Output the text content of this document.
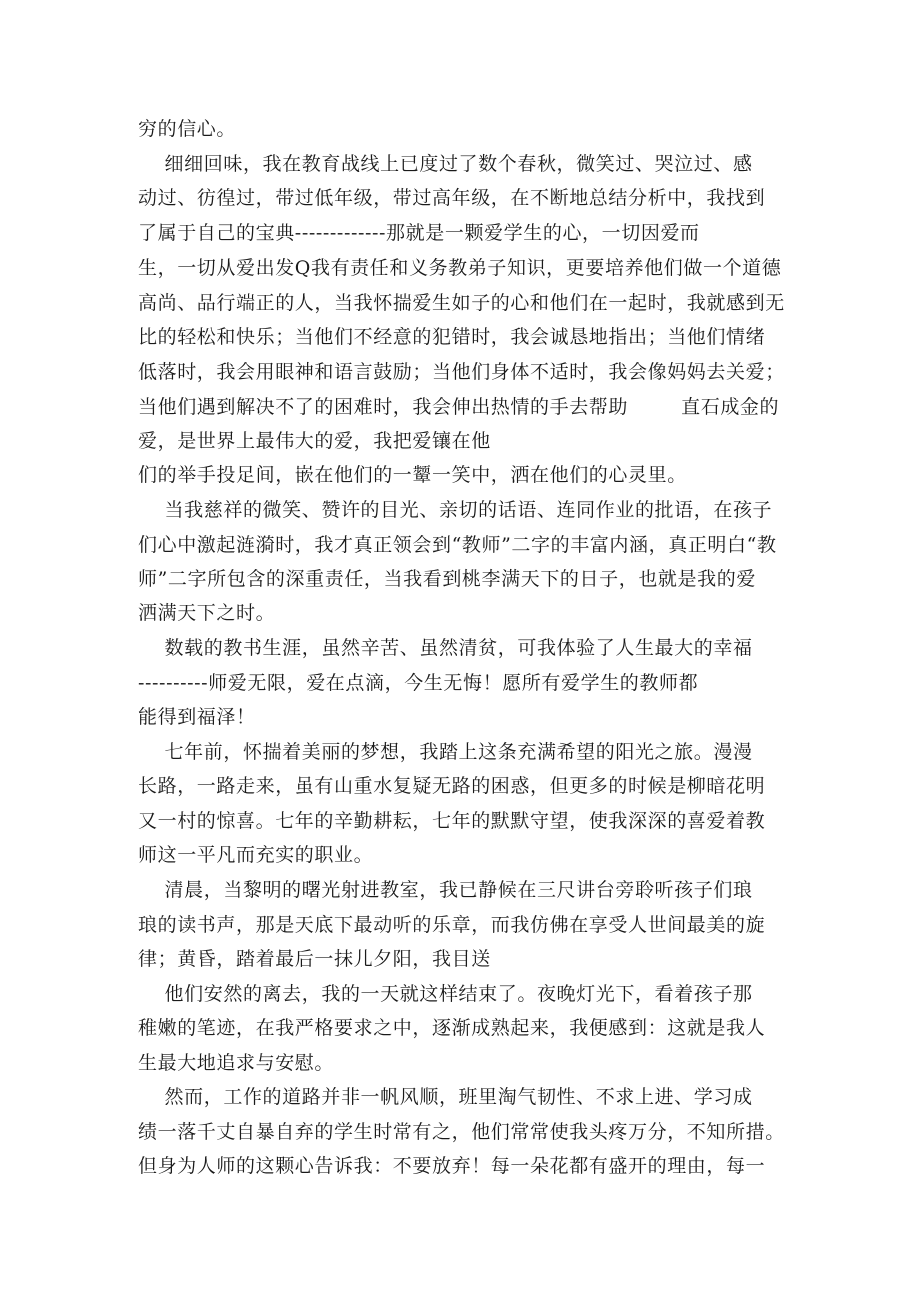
穷的信心。
细细回味，我在教育战线上已度过了数个春秋，微笑过、哭泣过、感
动过、彷徨过，带过低年级，带过高年级，在不断地总结分析中，我找到
了属于自己的宝典-------------那就是一颗爱学生的心，一切因爱而
生，一切从爱出发Q我有责任和义务教弟子知识，更要培养他们做一个道德
高尚、品行端正的人，当我怀揣爱生如子的心和他们在一起时，我就感到无
比的轻松和快乐；当他们不经意的犯错时，我会诚恳地指出；当他们情绪
低落时，我会用眼神和语言鼓励；当他们身体不适时，我会像妈妈去关爱；
当他们遇到解决不了的困难时，我会伸出热情的手去帮助        直石成金的
爱，是世界上最伟大的爱，我把爱镶在他
们的举手投足间，嵌在他们的一颦一笑中，洒在他们的心灵里。
当我慈祥的微笑、赞许的目光、亲切的话语、连同作业的批语，在孩子
们心中激起涟漪时，我才真正领会到“教师”二字的丰富内涵，真正明白“教
师”二字所包含的深重责任，当我看到桃李满天下的日子，也就是我的爱
洒满天下之时。
数载的教书生涯，虽然辛苦、虽然清贫，可我体验了人生最大的幸福
----------师爱无限，爱在点滴，今生无悔！愿所有爱学生的教师都
能得到福泽！
七年前，怀揣着美丽的梦想，我踏上这条充满希望的阳光之旅。漫漫
长路，一路走来，虽有山重水复疑无路的困惑，但更多的时候是柳暗花明
又一村的惊喜。七年的辛勤耕耘，七年的默默守望，使我深深的喜爱着教
师这一平凡而充实的职业。
清晨，当黎明的曙光射进教室，我已静候在三尺讲台旁聆听孩子们琅
琅的读书声，那是天底下最动听的乐章，而我仿佛在享受人世间最美的旋
律；黄昏，踏着最后一抹儿夕阳，我目送
他们安然的离去，我的一天就这样结束了。夜晚灯光下，看着孩子那
稚嫩的笔迹，在我严格要求之中，逐渐成熟起来，我便感到：这就是我人
生最大地追求与安慰。
然而，工作的道路并非一帆风顺，班里淘气韧性、不求上进、学习成
绩一落千丈自暴自弃的学生时常有之，他们常常使我头疼万分，不知所措。
但身为人师的这颗心告诉我：不要放弃！每一朵花都有盛开的理由，每一
